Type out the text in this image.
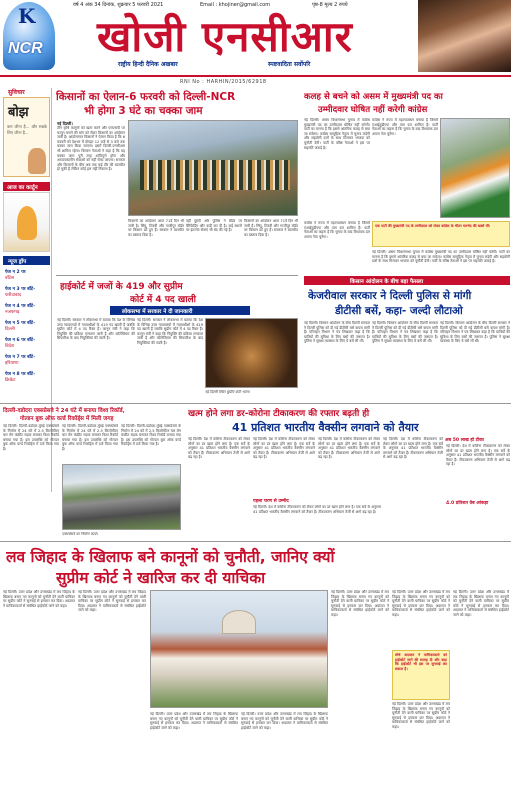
K
NCR
वर्ष 4 अंक 34 दिनांक, शुक्रवार 5 फरवरी 2021	Email : khojiner@gmail.com	पृष्ठ-8 मूल्य 2 रुपये
खोजी एनसीआर
राष्ट्रीय हिन्दी दैनिक अखबार	स्पष्टवादिता सर्वोपरि
RNI No : HARHIN/2015/62918
सुविचार
बोझ
कम जीना है... और सबके लिए जीना है...
आज का कार्टून
न्यूज ड्रॉप
पेज न 2 पर
बाँटेस
पेज न 3 पर बाँटे-
फरीदाबाद
पेज न 4 पर बाँटे-
नजफगढ़
पेज न 5 पर बाँटे-
दिल्ली
पेज न 6 पर बाँटे-
विदेश
पेज न 7 पर बाँटे-
हरियाणा
पेज न 8 पर बाँटे-
क्रिकेट
किसानों का ऐलान-6 फरवरी को दिल्ली-NCR
भी होगा 3 घंटे का चक्का जाम
नई दिल्ली।
तीन कृषि कानूनों को खत्म करने और एमएसपी पर कानून बनाने की मांग को लेकर किसानों का आंदोलन जारी है। आंदोलनरत किसानों ने ऐलान किया है कि 6 फरवरी को देशभर में दोपहर 12 बजे से 3 बजे तक चक्का जाम किया जाएगा। इसमें दिल्ली-एनसीआर भी शामिल रहेगा। किसान नेताओं ने कहा है कि यह चक्का जाम पूरी तरह शांतिपूर्ण होगा और आपातकालीन सेवाओं को नहीं रोका जाएगा। सरकार और किसानों के बीच अब तक कई दौर की बातचीत हो चुकी है लेकिन कोई हल नहीं निकला है।
किसानों का आंदोलन आज 71वें दिन भी जारी है। सिंघु, टिकरी और गाजीपुर बॉर्डर पर किसान डटे हुए हैं। सरकार ने बातचीत का प्रस्ताव दिया है।
वहीं दूसरी ओर पुलिस ने बॉर्डर पर बैरिकेडिंग और कड़ी कर दी है। कई स्थानों पर इंटरनेट सेवाएं भी बंद की गई हैं।
किसानों का आंदोलन आज 71वें दिन भी जारी है। सिंघु, टिकरी और गाजीपुर बॉर्डर पर किसान डटे हुए हैं। सरकार ने बातचीत का प्रस्ताव दिया है।
कलह से बचने को असम में मुख्यमंत्री पद का
उम्मीदवार घोषित नहीं करेगी कांग्रेस
नई दिल्ली। असम विधानसभा चुनाव में कांग्रेस मुख्यमंत्री पद का उम्मीदवार घोषित नहीं करेगी। पार्टी का मानना है कि इससे आंतरिक कलह से बचा जा सकेगा। कांग्रेस सामूहिक नेतृत्व में चुनाव लड़ेगी और सहयोगी दलों के साथ मिलकर भाजपा को चुनौती देगी। पार्टी के वरिष्ठ नेताओं ने इस पर सहमति जताई है।
कांग्रेस ने राज्य में महागठबंधन बनाया है जिसमें एआईयूडीएफ और वाम दल शामिल हैं। पार्टी नेताओं का कहना है कि चुनाव के बाद विधायक दल अपना नेता चुनेगा।
एक पार्टी की मुख्यमंत्री पद के उम्मीदवार को लेकर कांग्रेस के भीतर मतभेद की खबरें थीं।
कांग्रेस ने राज्य में महागठबंधन बनाया है जिसमें एआईयूडीएफ और वाम दल शामिल हैं। पार्टी नेताओं का कहना है कि चुनाव के बाद विधायक दल अपना नेता चुनेगा।
नई दिल्ली। असम विधानसभा चुनाव में कांग्रेस मुख्यमंत्री पद का उम्मीदवार घोषित नहीं करेगी। पार्टी का मानना है कि इससे आंतरिक कलह से बचा जा सकेगा। कांग्रेस सामूहिक नेतृत्व में चुनाव लड़ेगी और सहयोगी दलों के साथ मिलकर भाजपा को चुनौती देगी। पार्टी के वरिष्ठ नेताओं ने इस पर सहमति जताई है।
हाईकोर्ट में जजों के 419 और सुप्रीम
कोर्ट में 4 पद खाली
लोकसभा में सरकार ने दी जानकारी
नई दिल्ली। सरकार ने लोकसभा में बताया कि देश के विभिन्न उच्च न्यायालयों में न्यायाधीशों के 419 पद खाली हैं जबकि सुप्रीम कोर्ट में 4 पद रिक्त हैं। कानून मंत्री ने कहा कि नियुक्ति की प्रक्रिया लगातार जारी है और कॉलेजियम की सिफारिश के बाद नियुक्तियां की जाती हैं।
नई दिल्ली। सरकार ने लोकसभा में बताया कि देश के विभिन्न उच्च न्यायालयों में न्यायाधीशों के 419 पद खाली हैं जबकि सुप्रीम कोर्ट में 4 पद रिक्त हैं। कानून मंत्री ने कहा कि नियुक्ति की प्रक्रिया लगातार जारी है और कॉलेजियम की सिफारिश के बाद नियुक्तियां की जाती हैं।
नई दिल्ली स्थित सुप्रीम कोर्ट भवन।
किसान आंदोलन के बीच बड़ा फैसला
केजरीवाल सरकार ने दिल्ली पुलिस से मांगी
डीटीसी बसें, कहा- जल्दी लौटाओ
नई दिल्ली। किसान आंदोलन के बीच दिल्ली सरकार ने दिल्ली पुलिस को दी गई डीटीसी बसें वापस मांगी हैं। परिवहन विभाग ने पत्र लिखकर कहा है कि यात्रियों की सुविधा के लिए बसों की जरूरत है। पुलिस ने सुरक्षा व्यवस्था के लिए ये बसें ली थीं।
नई दिल्ली। किसान आंदोलन के बीच दिल्ली सरकार ने दिल्ली पुलिस को दी गई डीटीसी बसें वापस मांगी हैं। परिवहन विभाग ने पत्र लिखकर कहा है कि यात्रियों की सुविधा के लिए बसों की जरूरत है। पुलिस ने सुरक्षा व्यवस्था के लिए ये बसें ली थीं।
नई दिल्ली। किसान आंदोलन के बीच दिल्ली सरकार ने दिल्ली पुलिस को दी गई डीटीसी बसें वापस मांगी हैं। परिवहन विभाग ने पत्र लिखकर कहा है कि यात्रियों की सुविधा के लिए बसों की जरूरत है। पुलिस ने सुरक्षा व्यवस्था के लिए ये बसें ली थीं।
दिल्ली-वडोदरा एक्सप्रेसवे ने 24 घंटे में बनाया विश्व रिकॉर्ड,
गोल्डन बुक ऑफ वर्ल्ड रिकॉर्ड्स में मिली जगह
नई दिल्ली। दिल्ली-वडोदरा-मुंबई एक्सप्रेसवे के निर्माण में 24 घंटे में 2.5 किलोमीटर चार लेन कंक्रीट सड़क बनाकर विश्व रिकॉर्ड बनाया गया है। इस उपलब्धि को गोल्डन बुक ऑफ वर्ल्ड रिकॉर्ड्स में दर्ज किया गया है।
नई दिल्ली। दिल्ली-वडोदरा-मुंबई एक्सप्रेसवे के निर्माण में 24 घंटे में 2.5 किलोमीटर चार लेन कंक्रीट सड़क बनाकर विश्व रिकॉर्ड बनाया गया है। इस उपलब्धि को गोल्डन बुक ऑफ वर्ल्ड रिकॉर्ड्स में दर्ज किया गया है।
नई दिल्ली। दिल्ली-वडोदरा-मुंबई एक्सप्रेसवे के निर्माण में 24 घंटे में 2.5 किलोमीटर चार लेन कंक्रीट सड़क बनाकर विश्व रिकॉर्ड बनाया गया है। इस उपलब्धि को गोल्डन बुक ऑफ वर्ल्ड रिकॉर्ड्स में दर्ज किया गया है।
एक्सप्रेसवे का निर्माण कार्य।
खत्म होने लगा डर-कोरोना टीकाकरण की रफ्तार बढ़ती ही
41 प्रतिशत भारतीय वैक्सीन लगवाने को तैयार
नई दिल्ली। देश में कोरोना टीकाकरण को लेकर लोगों का डर खत्म होने लगा है। एक सर्वे के अनुसार 41 प्रतिशत भारतीय वैक्सीन लगवाने को तैयार हैं। टीकाकरण अभियान तेजी से आगे बढ़ रहा है।
नई दिल्ली। देश में कोरोना टीकाकरण को लेकर लोगों का डर खत्म होने लगा है। एक सर्वे के अनुसार 41 प्रतिशत भारतीय वैक्सीन लगवाने को तैयार हैं। टीकाकरण अभियान तेजी से आगे बढ़ रहा है।
अब 50 लाख हो टीका
नई दिल्ली। देश में कोरोना टीकाकरण को लेकर लोगों का डर खत्म होने लगा है। एक सर्वे के अनुसार 41 प्रतिशत भारतीय वैक्सीन लगवाने को तैयार हैं। टीकाकरण अभियान तेजी से आगे बढ़ रहा है।
नई दिल्ली। देश में कोरोना टीकाकरण को लेकर लोगों का डर खत्म होने लगा है। एक सर्वे के अनुसार 41 प्रतिशत भारतीय वैक्सीन लगवाने को तैयार हैं। टीकाकरण अभियान तेजी से आगे बढ़ रहा है।
नई दिल्ली। देश में कोरोना टीकाकरण को लेकर लोगों का डर खत्म होने लगा है। एक सर्वे के अनुसार 41 प्रतिशत भारतीय वैक्सीन लगवाने को तैयार हैं। टीकाकरण अभियान तेजी से आगे बढ़ रहा है।
पहला चरण से उम्मीद
नई दिल्ली। देश में कोरोना टीकाकरण को लेकर लोगों का डर खत्म होने लगा है। एक सर्वे के अनुसार 41 प्रतिशत भारतीय वैक्सीन लगवाने को तैयार हैं। टीकाकरण अभियान तेजी से आगे बढ़ रहा है।
4.0 प्रतिशत वेब आंकड़ा
लव जिहाद के खिलाफ बने कानूनों को चुनौती, जानिए क्यों
सुप्रीम कोर्ट ने खारिज कर दी याचिका
नई दिल्ली। उत्तर प्रदेश और उत्तराखंड में लव जिहाद के खिलाफ बनाए गए कानूनों को चुनौती देने वाली याचिका पर सुप्रीम कोर्ट ने सुनवाई से इनकार कर दिया। अदालत ने याचिकाकर्ता से संबंधित हाईकोर्ट जाने को कहा।
नई दिल्ली। उत्तर प्रदेश और उत्तराखंड में लव जिहाद के खिलाफ बनाए गए कानूनों को चुनौती देने वाली याचिका पर सुप्रीम कोर्ट ने सुनवाई से इनकार कर दिया। अदालत ने याचिकाकर्ता से संबंधित हाईकोर्ट जाने को कहा।
नई दिल्ली। उत्तर प्रदेश और उत्तराखंड में लव जिहाद के खिलाफ बनाए गए कानूनों को चुनौती देने वाली याचिका पर सुप्रीम कोर्ट ने सुनवाई से इनकार कर दिया। अदालत ने याचिकाकर्ता से संबंधित हाईकोर्ट जाने को कहा।
नई दिल्ली। उत्तर प्रदेश और उत्तराखंड में लव जिहाद के खिलाफ बनाए गए कानूनों को चुनौती देने वाली याचिका पर सुप्रीम कोर्ट ने सुनवाई से इनकार कर दिया। अदालत ने याचिकाकर्ता से संबंधित हाईकोर्ट जाने को कहा।
नई दिल्ली। उत्तर प्रदेश और उत्तराखंड में लव जिहाद के खिलाफ बनाए गए कानूनों को चुनौती देने वाली याचिका पर सुप्रीम कोर्ट ने सुनवाई से इनकार कर दिया। अदालत ने याचिकाकर्ता से संबंधित हाईकोर्ट जाने को कहा।
शीर्ष अदालत ने याचिकाकर्ता को हाईकोर्ट जाने की सलाह दी और कहा कि हाईकोर्ट भी इस पर सुनवाई कर सकता है।
नई दिल्ली। उत्तर प्रदेश और उत्तराखंड में लव जिहाद के खिलाफ बनाए गए कानूनों को चुनौती देने वाली याचिका पर सुप्रीम कोर्ट ने सुनवाई से इनकार कर दिया। अदालत ने याचिकाकर्ता से संबंधित हाईकोर्ट जाने को कहा।
नई दिल्ली। उत्तर प्रदेश और उत्तराखंड में लव जिहाद के खिलाफ बनाए गए कानूनों को चुनौती देने वाली याचिका पर सुप्रीम कोर्ट ने सुनवाई से इनकार कर दिया। अदालत ने याचिकाकर्ता से संबंधित हाईकोर्ट जाने को कहा।
नई दिल्ली। उत्तर प्रदेश और उत्तराखंड में लव जिहाद के खिलाफ बनाए गए कानूनों को चुनौती देने वाली याचिका पर सुप्रीम कोर्ट ने सुनवाई से इनकार कर दिया। अदालत ने याचिकाकर्ता से संबंधित हाईकोर्ट जाने को कहा।
